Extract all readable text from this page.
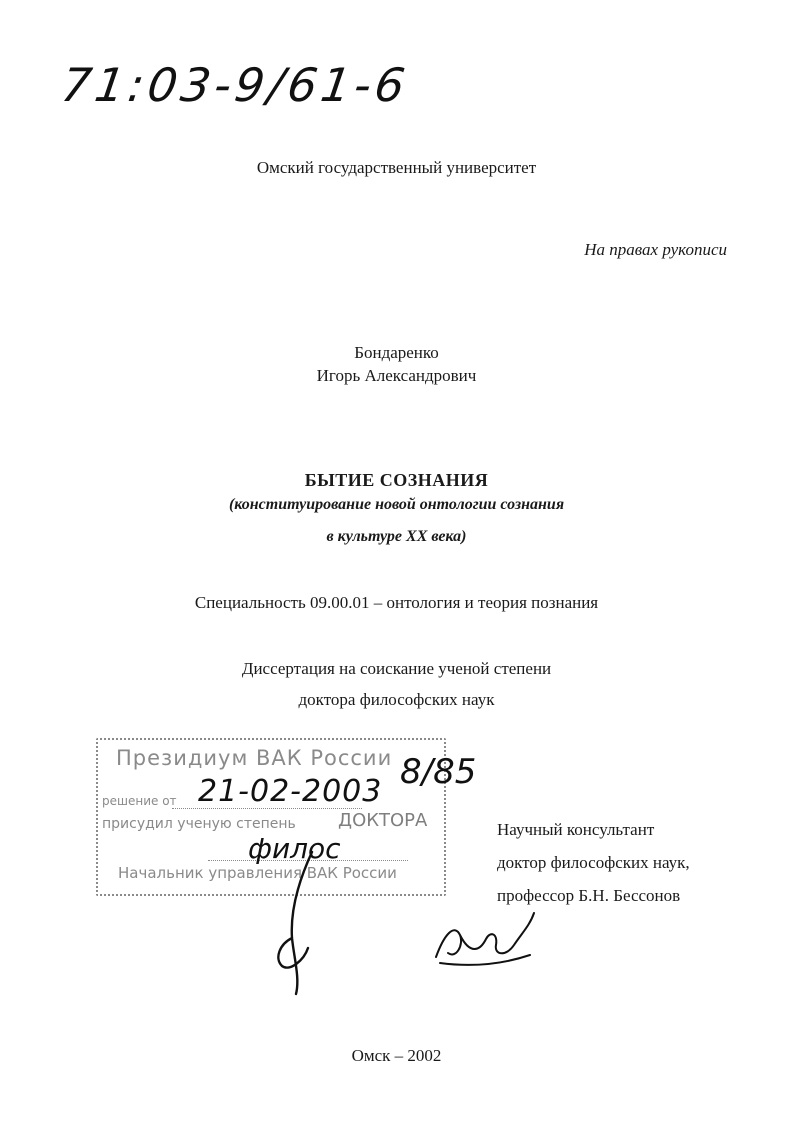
71:03-9/61-6
Омский государственный университет
На правах рукописи
Бондаренко
Игорь Александрович
БЫТИЕ СОЗНАНИЯ
(конституирование новой онтологии сознания
в культуре XX века)
Специальность 09.00.01 – онтология и теория познания
Диссертация на соискание ученой степени
доктора философских наук
Президиум ВАК России
решение от 21-02-2003
присудил ученую степень ДОКТОРА
филос
Начальник управления ВАК России
8/85
Научный консультант
доктор философских наук,
профессор Б.Н. Бессонов
Омск – 2002
